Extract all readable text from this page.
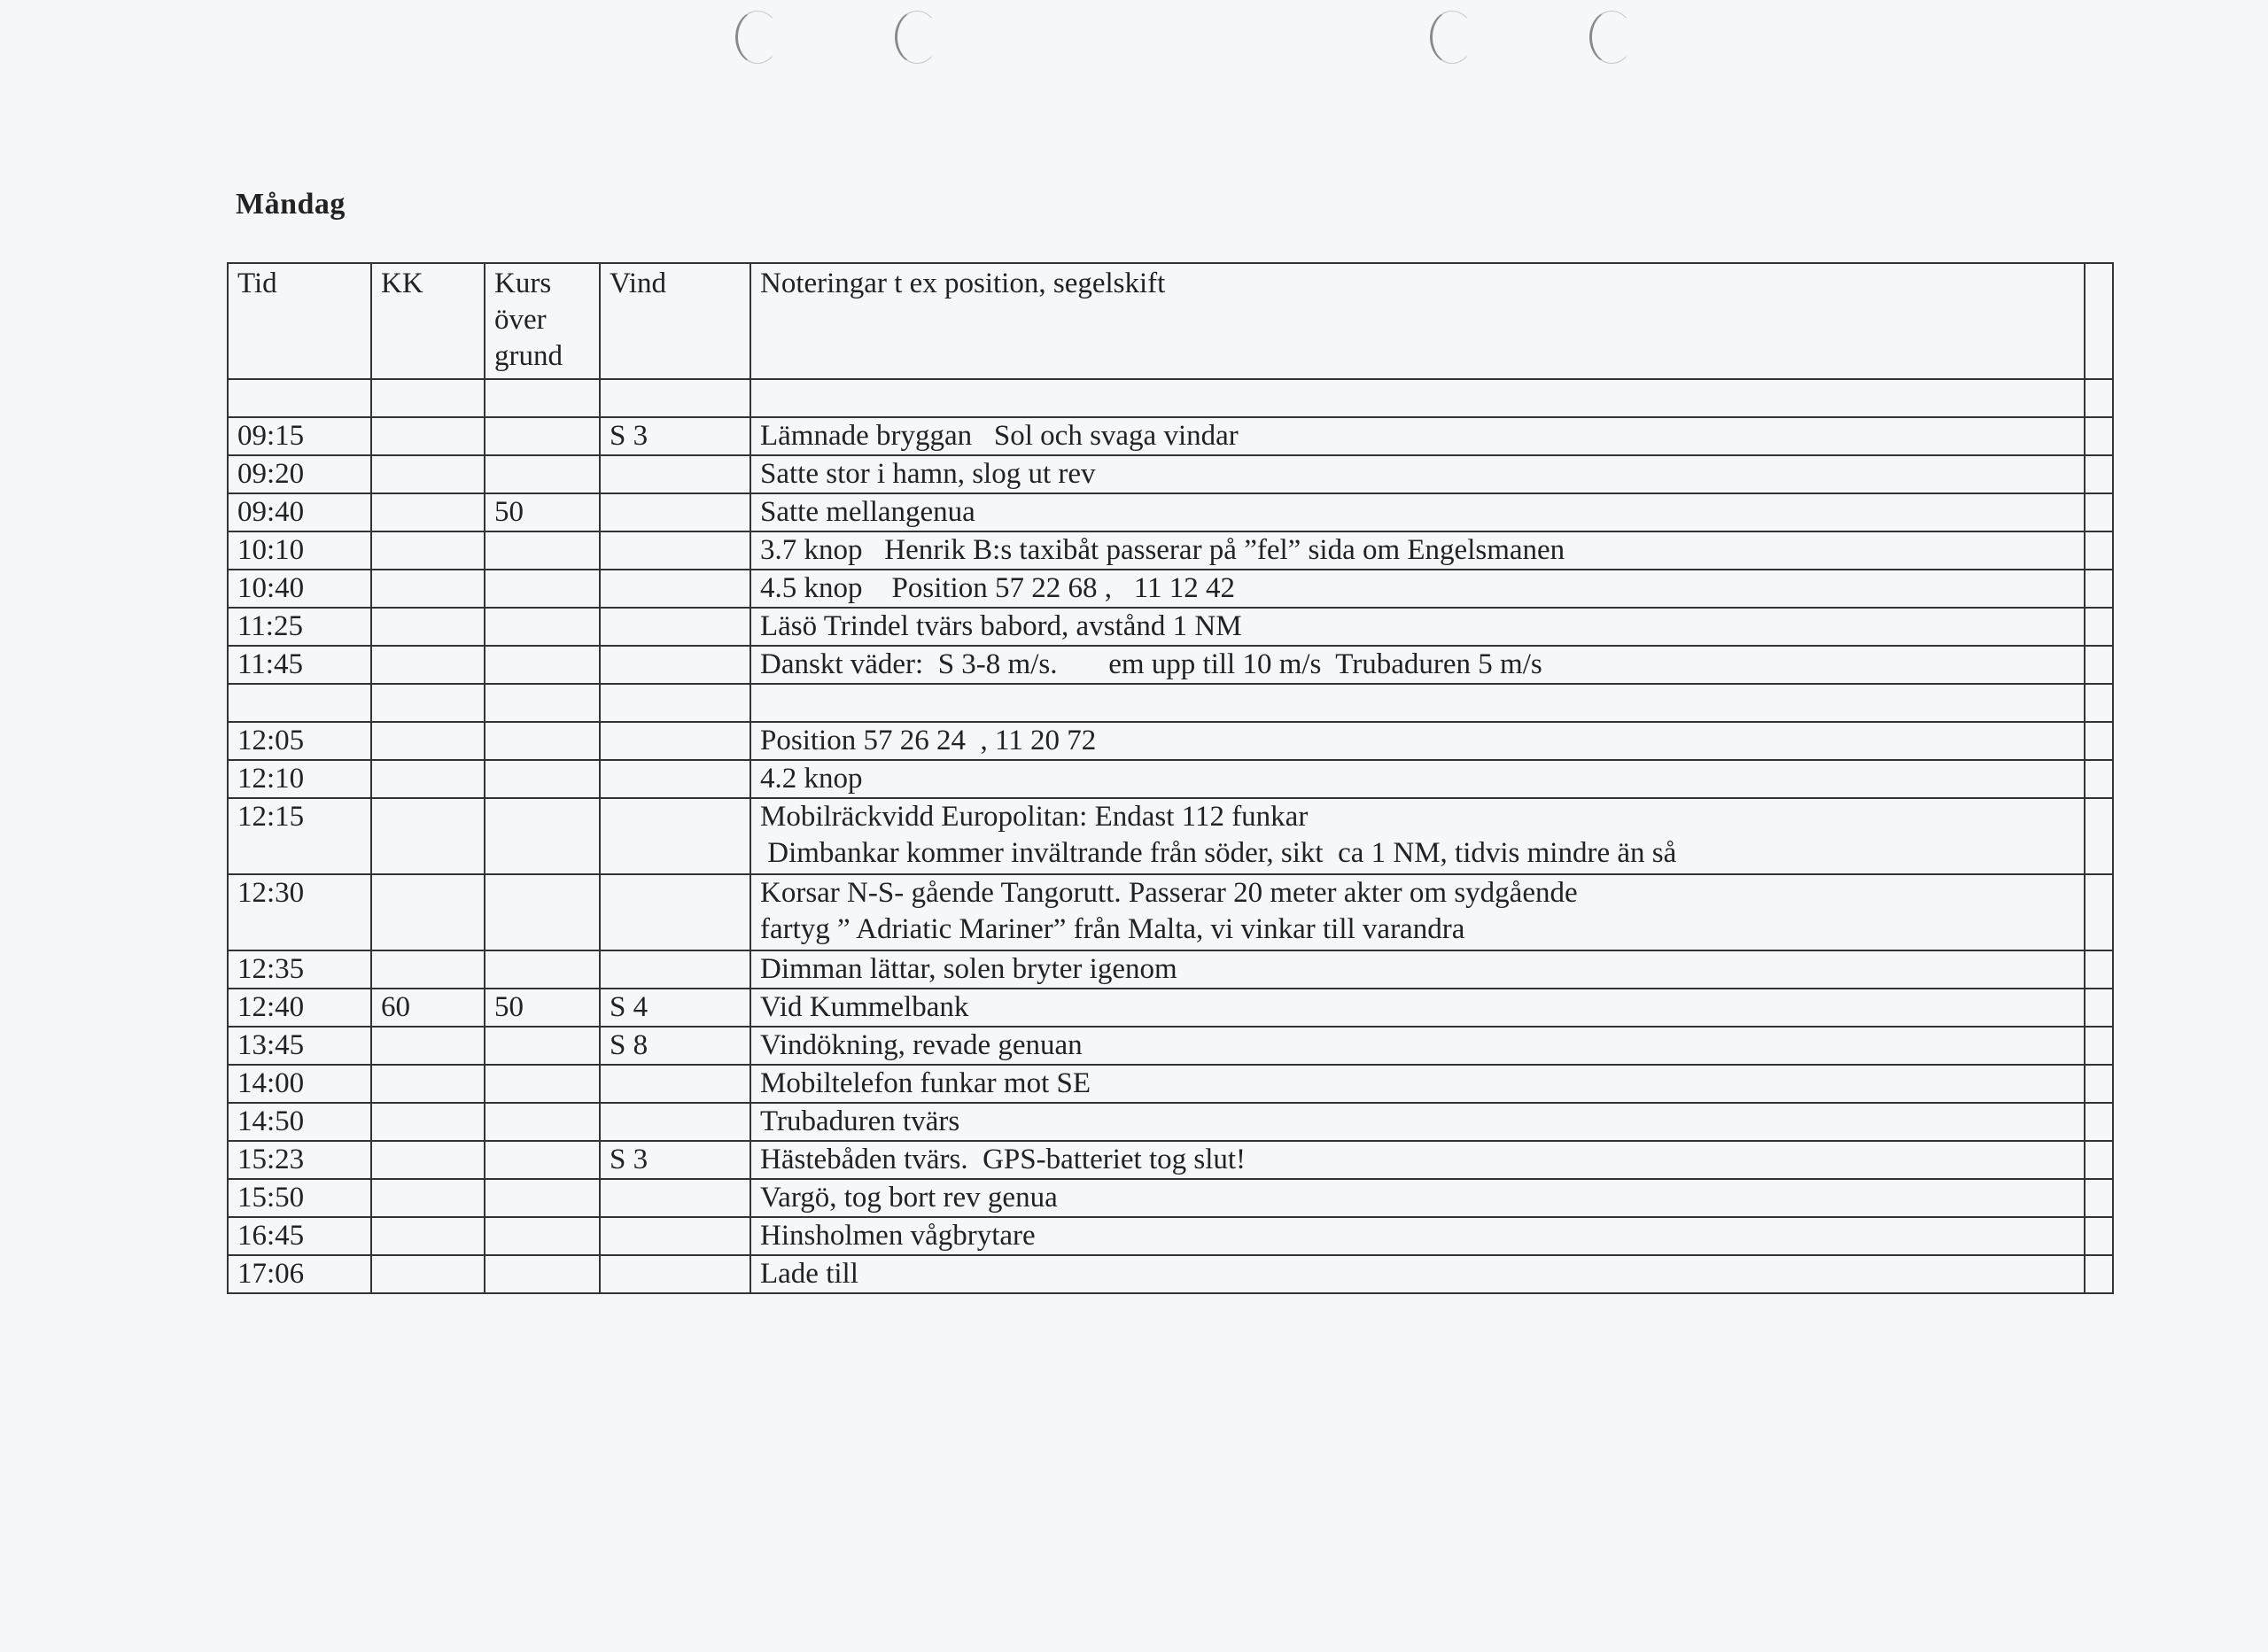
Måndag
Tid	KK	Kurs över grund	Vind	Noteringar t ex position, segelskift	

09:15			S 3	Lämnade bryggan   Sol och svaga vindar	

09:20				Satte stor i hamn, slog ut rev	

09:40		50		Satte mellangenua	

10:10				3.7 knop   Henrik B:s taxibåt passerar på ”fel” sida om Engelsmanen	

10:40				4.5 knop    Position 57 22 68 ,   11 12 42	

11:25				Läsö Trindel tvärs babord, avstånd 1 NM	

11:45				Danskt väder:  S 3-8 m/s.       em upp till 10 m/s  Trubaduren 5 m/s	

12:05				Position 57 26 24  , 11 20 72	

12:10				4.2 knop	

12:15				Mobilräckvidd Europolitan: Endast 112 funkar
Dimbankar kommer invältrande från söder, sikt  ca 1 NM, tidvis mindre än så	

12:30				Korsar N-S- gående Tangorutt. Passerar 20 meter akter om sydgående
fartyg ” Adriatic Mariner” från Malta, vi vinkar till varandra	

12:35				Dimman lättar, solen bryter igenom	

12:40	60	50	S 4	Vid Kummelbank	

13:45			S 8	Vindökning, revade genuan	

14:00				Mobiltelefon funkar mot SE	

14:50				Trubaduren tvärs	

15:23			S 3	Hästebåden tvärs.  GPS-batteriet tog slut!	

15:50				Vargö, tog bort rev genua	

16:45				Hinsholmen vågbrytare	

17:06				Lade till	
